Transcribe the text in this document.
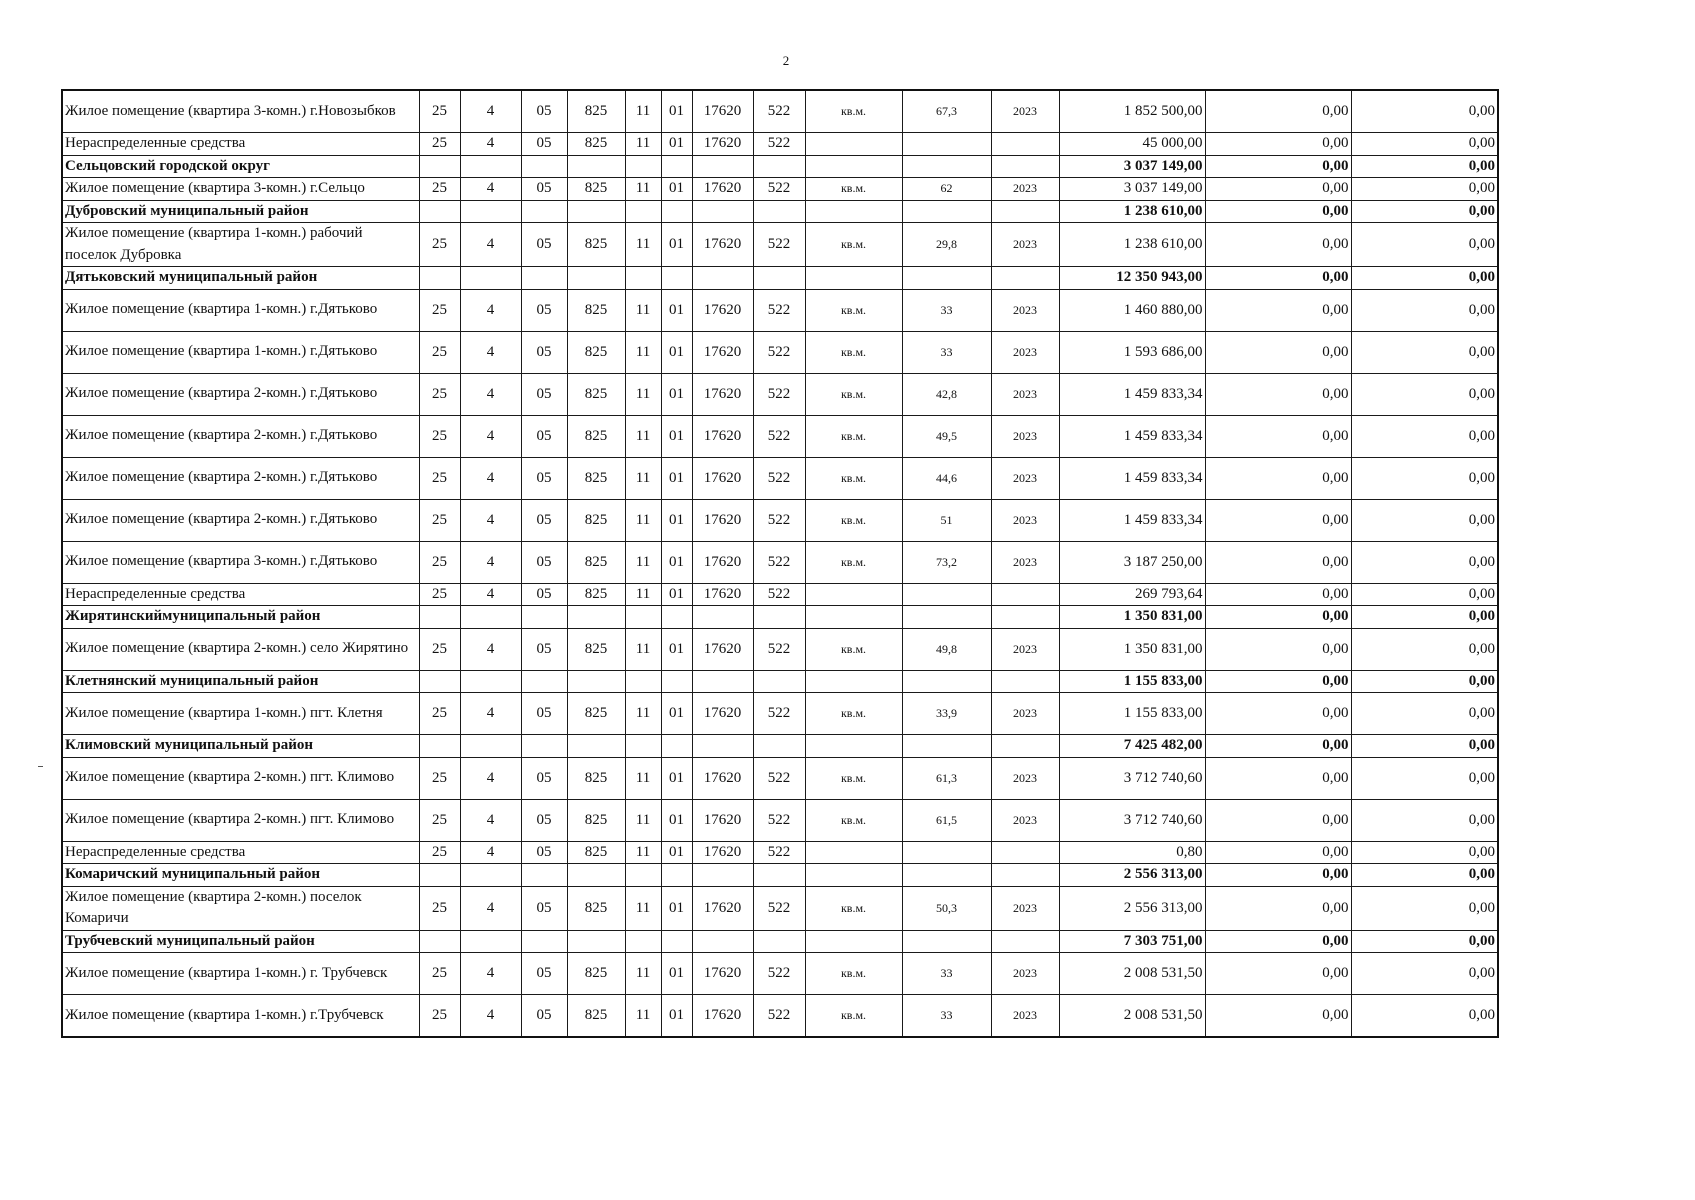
2
Жилое помещение (квартира 3-комн.) г.Новозыбков	25	4	05	825	11	01	17620	522	кв.м.	67,3	2023	1 852 500,00	0,00	0,00
Нераспределенные средства	25	4	05	825	11	01	17620	522				45 000,00	0,00	0,00
Сельцовский городской округ												3 037 149,00	0,00	0,00
Жилое помещение (квартира 3-комн.) г.Сельцо	25	4	05	825	11	01	17620	522	кв.м.	62	2023	3 037 149,00	0,00	0,00
Дубровский муниципальный район												1 238 610,00	0,00	0,00
Жилое помещение (квартира 1-комн.) рабочий поселок Дубровка	25	4	05	825	11	01	17620	522	кв.м.	29,8	2023	1 238 610,00	0,00	0,00
Дятьковский муниципальный район												12 350 943,00	0,00	0,00
Жилое помещение (квартира 1-комн.) г.Дятьково	25	4	05	825	11	01	17620	522	кв.м.	33	2023	1 460 880,00	0,00	0,00
Жилое помещение (квартира 1-комн.) г.Дятьково	25	4	05	825	11	01	17620	522	кв.м.	33	2023	1 593 686,00	0,00	0,00
Жилое помещение (квартира 2-комн.) г.Дятьково	25	4	05	825	11	01	17620	522	кв.м.	42,8	2023	1 459 833,34	0,00	0,00
Жилое помещение (квартира 2-комн.) г.Дятьково	25	4	05	825	11	01	17620	522	кв.м.	49,5	2023	1 459 833,34	0,00	0,00
Жилое помещение (квартира 2-комн.) г.Дятьково	25	4	05	825	11	01	17620	522	кв.м.	44,6	2023	1 459 833,34	0,00	0,00
Жилое помещение (квартира 2-комн.) г.Дятьково	25	4	05	825	11	01	17620	522	кв.м.	51	2023	1 459 833,34	0,00	0,00
Жилое помещение (квартира 3-комн.) г.Дятьково	25	4	05	825	11	01	17620	522	кв.м.	73,2	2023	3 187 250,00	0,00	0,00
Нераспределенные средства	25	4	05	825	11	01	17620	522				269 793,64	0,00	0,00
Жирятинскиймуниципальный район												1 350 831,00	0,00	0,00
Жилое помещение (квартира 2-комн.) село Жирятино	25	4	05	825	11	01	17620	522	кв.м.	49,8	2023	1 350 831,00	0,00	0,00
Клетнянский муниципальный район												1 155 833,00	0,00	0,00
Жилое помещение (квартира 1-комн.) пгт. Клетня	25	4	05	825	11	01	17620	522	кв.м.	33,9	2023	1 155 833,00	0,00	0,00
Климовский муниципальный район												7 425 482,00	0,00	0,00
Жилое помещение (квартира 2-комн.) пгт. Климово	25	4	05	825	11	01	17620	522	кв.м.	61,3	2023	3 712 740,60	0,00	0,00
Жилое помещение (квартира 2-комн.) пгт. Климово	25	4	05	825	11	01	17620	522	кв.м.	61,5	2023	3 712 740,60	0,00	0,00
Нераспределенные средства	25	4	05	825	11	01	17620	522				0,80	0,00	0,00
Комаричский муниципальный район												2 556 313,00	0,00	0,00
Жилое помещение (квартира 2-комн.) поселок Комаричи	25	4	05	825	11	01	17620	522	кв.м.	50,3	2023	2 556 313,00	0,00	0,00
Трубчевский муниципальный район												7 303 751,00	0,00	0,00
Жилое помещение (квартира 1-комн.) г. Трубчевск	25	4	05	825	11	01	17620	522	кв.м.	33	2023	2 008 531,50	0,00	0,00
Жилое помещение (квартира 1-комн.) г.Трубчевск	25	4	05	825	11	01	17620	522	кв.м.	33	2023	2 008 531,50	0,00	0,00
